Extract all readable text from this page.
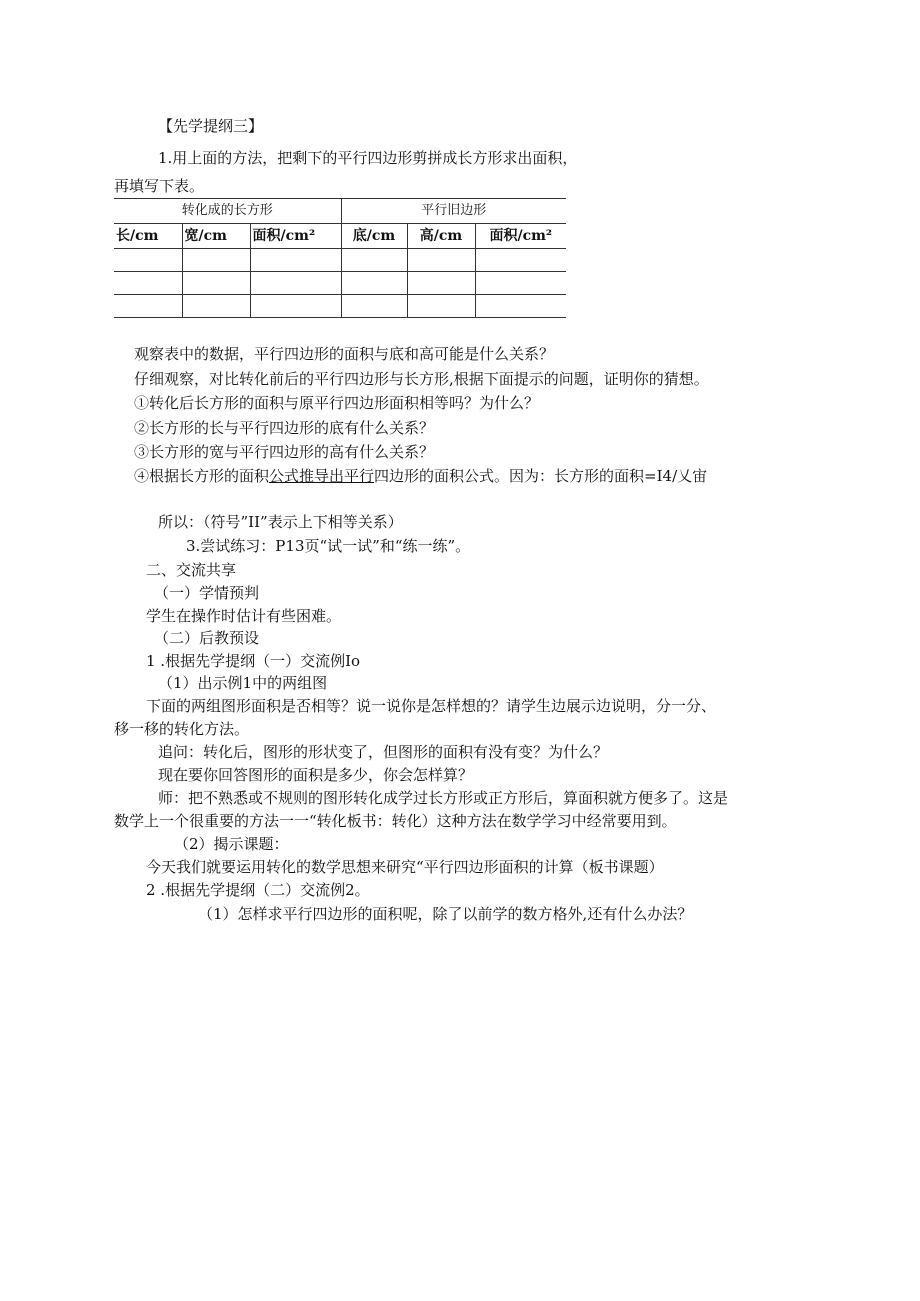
【先学提纲三】
1.用上面的方法，把剩下的平行四边形剪拼成长方形求出面积，
再填写下表。
转化成的长方形			平行旧边形		
长/cm	宽/cm	面积/cm²	底/cm	高/cm	面积/cm²

观察表中的数据，平行四边形的面积与底和高可能是什么关系？
仔细观察，对比转化前后的平行四边形与长方形,根据下面提示的问题，证明你的猜想。
①转化后长方形的面积与原平行四边形面积相等吗？为什么？
②长方形的长与平行四边形的底有什么关系？
③长方形的宽与平行四边形的高有什么关系？
④根据长方形的面积公式推导出平行四边形的面积公式。因为：长方形的面积=I4/乂宙
所以：（符号”II”表示上下相等关系）
3.尝试练习：P13页“试一试”和“练一练”。
二、交流共享
（一）学情预判
学生在操作时估计有些困难。
（二）后教预设
1 .根据先学提纲（一）交流例Io
（1）出示例1中的两组图
下面的两组图形面积是否相等？说一说你是怎样想的？请学生边展示边说明，分一分、
移一移的转化方法。
追问：转化后，图形的形状变了，但图形的面积有没有变？为什么？
现在要你回答图形的面积是多少，你会怎样算？
师：把不熟悉或不规则的图形转化成学过长方形或正方形后，算面积就方便多了。这是
数学上一个很重要的方法一一“转化板书：转化）这种方法在数学学习中经常要用到。
（2）揭示课题：
今天我们就要运用转化的数学思想来研究“平行四边形面积的计算（板书课题）
2 .根据先学提纲（二）交流例2。
（1）怎样求平行四边形的面积呢，除了以前学的数方格外,还有什么办法？
